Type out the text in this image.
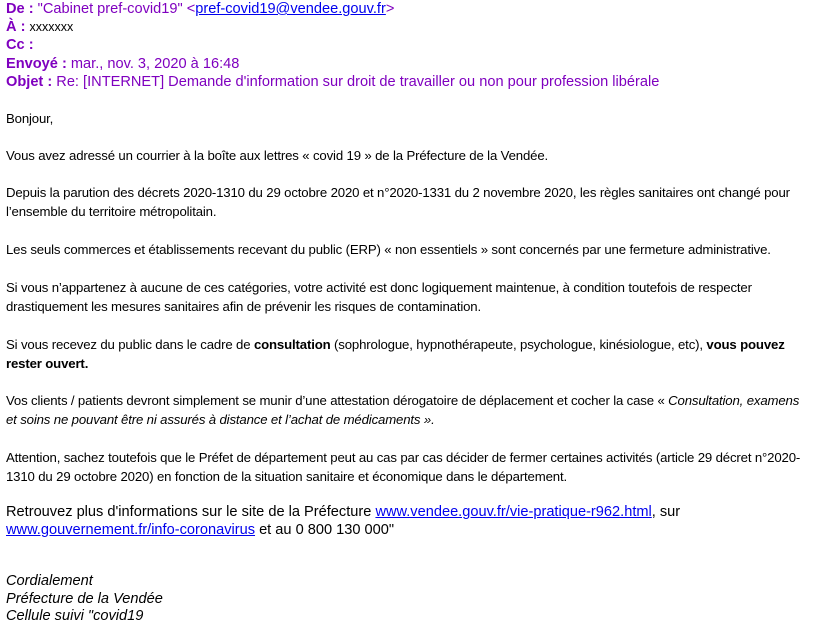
De : "Cabinet pref-covid19" <pref-covid19@vendee.gouv.fr>
À : xxxxxxx
Cc :
Envoyé : mar., nov. 3, 2020 à 16:48
Objet : Re: [INTERNET] Demande d'information sur droit de travailler ou non pour profession libérale

Bonjour,

Vous avez adressé un courrier à la boîte aux lettres « covid 19 » de la Préfecture de la Vendée.

Depuis la parution des décrets 2020-1310 du 29 octobre 2020 et n°2020-1331 du 2 novembre 2020, les règles sanitaires ont changé pour l’ensemble du territoire métropolitain.

Les seuls commerces et établissements recevant du public (ERP) « non essentiels » sont concernés par une fermeture administrative.

Si vous n’appartenez à aucune de ces catégories, votre activité est donc logiquement maintenue, à condition toutefois de respecter drastiquement les mesures sanitaires afin de prévenir les risques de contamination.

Si vous recevez du public dans le cadre de consultation (sophrologue, hypnothérapeute, psychologue, kinésiologue, etc), vous pouvez rester ouvert.

Vos clients / patients devront simplement se munir d’une attestation dérogatoire de déplacement et cocher la case « Consultation, examens et soins ne pouvant être ni assurés à distance et l’achat de médicaments ».

Attention, sachez toutefois que le Préfet de département peut au cas par cas décider de fermer certaines activités (article 29 décret n°2020-1310 du 29 octobre 2020) en fonction de la situation sanitaire et économique dans le département.

Retrouvez plus d'informations sur le site de la Préfecture www.vendee.gouv.fr/vie-pratique-r962.html, sur
www.gouvernement.fr/info-coronavirus et au 0 800 130 000"
Cordialement
Préfecture de la Vendée
Cellule suivi "covid19
